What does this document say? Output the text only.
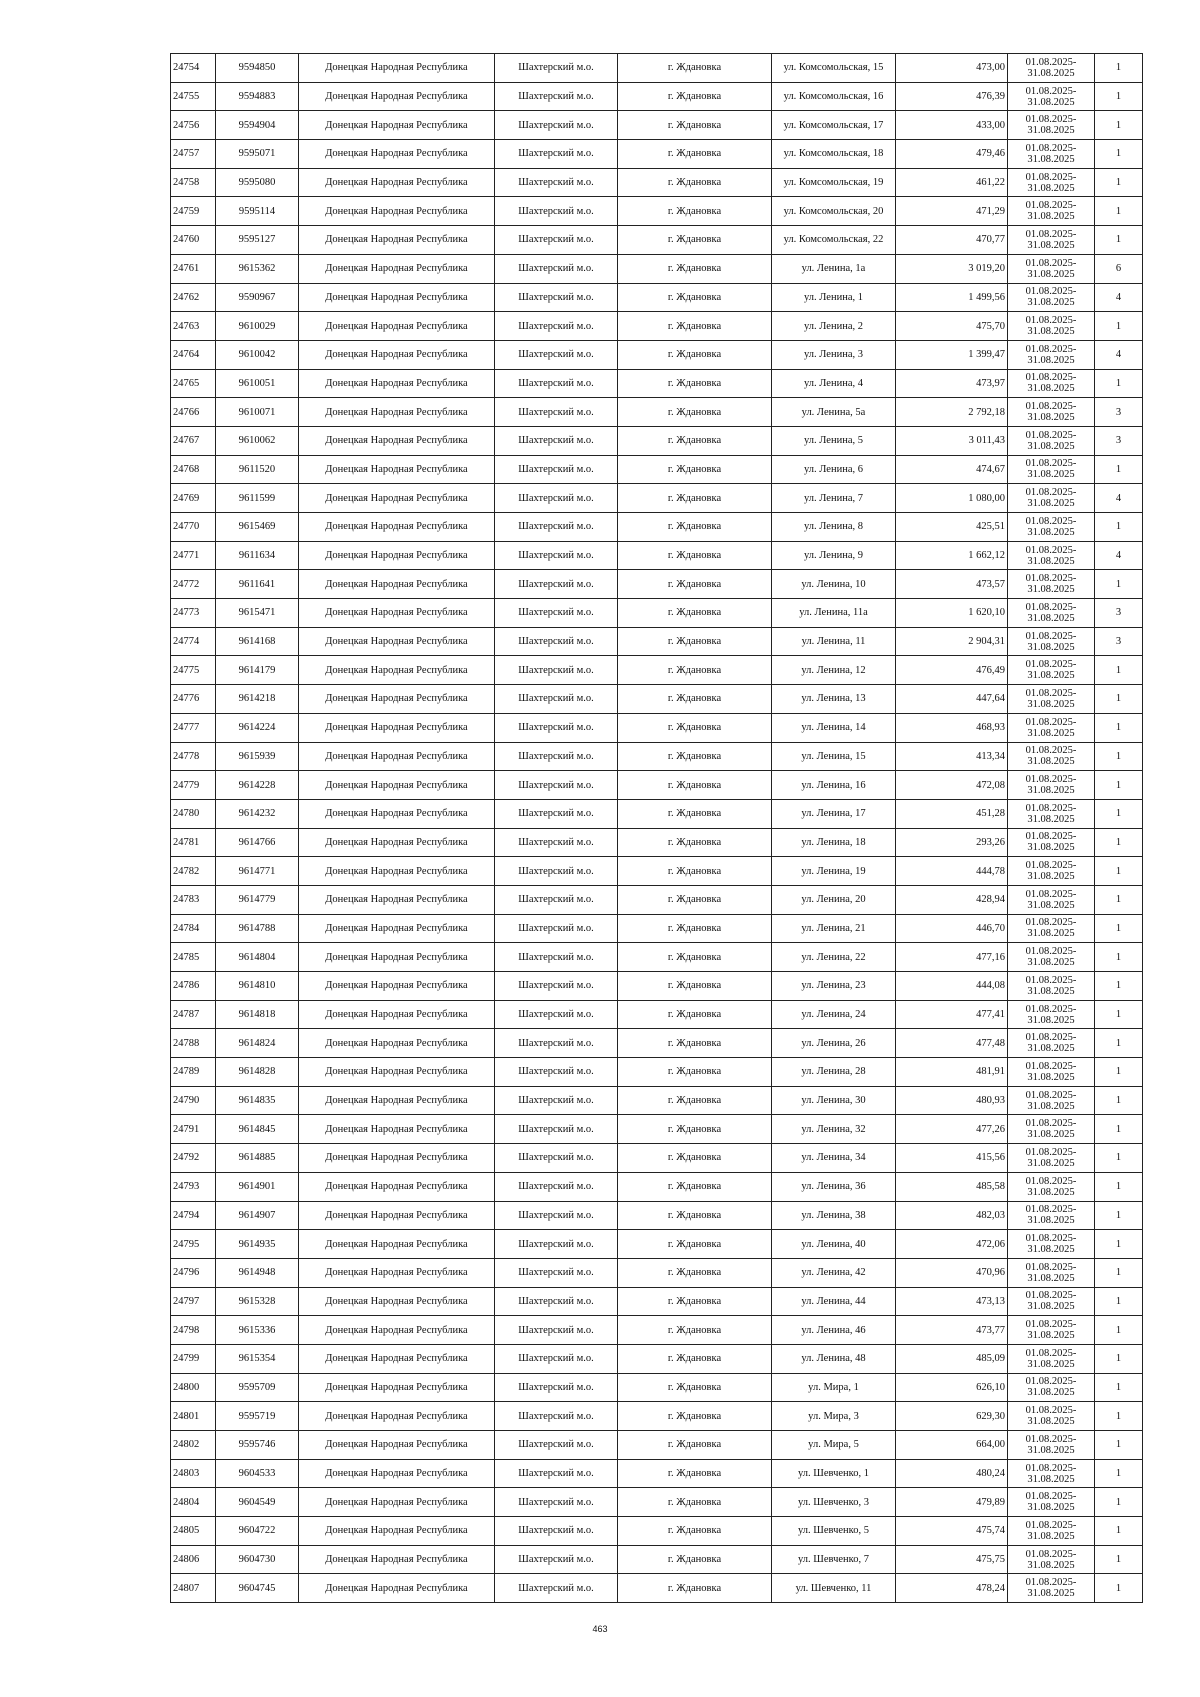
24754	9594850	Донецкая Народная Республика	Шахтерский м.о.	г. Ждановка	ул. Комсомольская, 15	473,00	01.08.2025-
31.08.2025	1
24755	9594883	Донецкая Народная Республика	Шахтерский м.о.	г. Ждановка	ул. Комсомольская, 16	476,39	01.08.2025-
31.08.2025	1
24756	9594904	Донецкая Народная Республика	Шахтерский м.о.	г. Ждановка	ул. Комсомольская, 17	433,00	01.08.2025-
31.08.2025	1
24757	9595071	Донецкая Народная Республика	Шахтерский м.о.	г. Ждановка	ул. Комсомольская, 18	479,46	01.08.2025-
31.08.2025	1
24758	9595080	Донецкая Народная Республика	Шахтерский м.о.	г. Ждановка	ул. Комсомольская, 19	461,22	01.08.2025-
31.08.2025	1
24759	9595114	Донецкая Народная Республика	Шахтерский м.о.	г. Ждановка	ул. Комсомольская, 20	471,29	01.08.2025-
31.08.2025	1
24760	9595127	Донецкая Народная Республика	Шахтерский м.о.	г. Ждановка	ул. Комсомольская, 22	470,77	01.08.2025-
31.08.2025	1
24761	9615362	Донецкая Народная Республика	Шахтерский м.о.	г. Ждановка	ул. Ленина, 1а	3 019,20	01.08.2025-
31.08.2025	6
24762	9590967	Донецкая Народная Республика	Шахтерский м.о.	г. Ждановка	ул. Ленина, 1	1 499,56	01.08.2025-
31.08.2025	4
24763	9610029	Донецкая Народная Республика	Шахтерский м.о.	г. Ждановка	ул. Ленина, 2	475,70	01.08.2025-
31.08.2025	1
24764	9610042	Донецкая Народная Республика	Шахтерский м.о.	г. Ждановка	ул. Ленина, 3	1 399,47	01.08.2025-
31.08.2025	4
24765	9610051	Донецкая Народная Республика	Шахтерский м.о.	г. Ждановка	ул. Ленина, 4	473,97	01.08.2025-
31.08.2025	1
24766	9610071	Донецкая Народная Республика	Шахтерский м.о.	г. Ждановка	ул. Ленина, 5а	2 792,18	01.08.2025-
31.08.2025	3
24767	9610062	Донецкая Народная Республика	Шахтерский м.о.	г. Ждановка	ул. Ленина, 5	3 011,43	01.08.2025-
31.08.2025	3
24768	9611520	Донецкая Народная Республика	Шахтерский м.о.	г. Ждановка	ул. Ленина, 6	474,67	01.08.2025-
31.08.2025	1
24769	9611599	Донецкая Народная Республика	Шахтерский м.о.	г. Ждановка	ул. Ленина, 7	1 080,00	01.08.2025-
31.08.2025	4
24770	9615469	Донецкая Народная Республика	Шахтерский м.о.	г. Ждановка	ул. Ленина, 8	425,51	01.08.2025-
31.08.2025	1
24771	9611634	Донецкая Народная Республика	Шахтерский м.о.	г. Ждановка	ул. Ленина, 9	1 662,12	01.08.2025-
31.08.2025	4
24772	9611641	Донецкая Народная Республика	Шахтерский м.о.	г. Ждановка	ул. Ленина, 10	473,57	01.08.2025-
31.08.2025	1
24773	9615471	Донецкая Народная Республика	Шахтерский м.о.	г. Ждановка	ул. Ленина, 11а	1 620,10	01.08.2025-
31.08.2025	3
24774	9614168	Донецкая Народная Республика	Шахтерский м.о.	г. Ждановка	ул. Ленина, 11	2 904,31	01.08.2025-
31.08.2025	3
24775	9614179	Донецкая Народная Республика	Шахтерский м.о.	г. Ждановка	ул. Ленина, 12	476,49	01.08.2025-
31.08.2025	1
24776	9614218	Донецкая Народная Республика	Шахтерский м.о.	г. Ждановка	ул. Ленина, 13	447,64	01.08.2025-
31.08.2025	1
24777	9614224	Донецкая Народная Республика	Шахтерский м.о.	г. Ждановка	ул. Ленина, 14	468,93	01.08.2025-
31.08.2025	1
24778	9615939	Донецкая Народная Республика	Шахтерский м.о.	г. Ждановка	ул. Ленина, 15	413,34	01.08.2025-
31.08.2025	1
24779	9614228	Донецкая Народная Республика	Шахтерский м.о.	г. Ждановка	ул. Ленина, 16	472,08	01.08.2025-
31.08.2025	1
24780	9614232	Донецкая Народная Республика	Шахтерский м.о.	г. Ждановка	ул. Ленина, 17	451,28	01.08.2025-
31.08.2025	1
24781	9614766	Донецкая Народная Республика	Шахтерский м.о.	г. Ждановка	ул. Ленина, 18	293,26	01.08.2025-
31.08.2025	1
24782	9614771	Донецкая Народная Республика	Шахтерский м.о.	г. Ждановка	ул. Ленина, 19	444,78	01.08.2025-
31.08.2025	1
24783	9614779	Донецкая Народная Республика	Шахтерский м.о.	г. Ждановка	ул. Ленина, 20	428,94	01.08.2025-
31.08.2025	1
24784	9614788	Донецкая Народная Республика	Шахтерский м.о.	г. Ждановка	ул. Ленина, 21	446,70	01.08.2025-
31.08.2025	1
24785	9614804	Донецкая Народная Республика	Шахтерский м.о.	г. Ждановка	ул. Ленина, 22	477,16	01.08.2025-
31.08.2025	1
24786	9614810	Донецкая Народная Республика	Шахтерский м.о.	г. Ждановка	ул. Ленина, 23	444,08	01.08.2025-
31.08.2025	1
24787	9614818	Донецкая Народная Республика	Шахтерский м.о.	г. Ждановка	ул. Ленина, 24	477,41	01.08.2025-
31.08.2025	1
24788	9614824	Донецкая Народная Республика	Шахтерский м.о.	г. Ждановка	ул. Ленина, 26	477,48	01.08.2025-
31.08.2025	1
24789	9614828	Донецкая Народная Республика	Шахтерский м.о.	г. Ждановка	ул. Ленина, 28	481,91	01.08.2025-
31.08.2025	1
24790	9614835	Донецкая Народная Республика	Шахтерский м.о.	г. Ждановка	ул. Ленина, 30	480,93	01.08.2025-
31.08.2025	1
24791	9614845	Донецкая Народная Республика	Шахтерский м.о.	г. Ждановка	ул. Ленина, 32	477,26	01.08.2025-
31.08.2025	1
24792	9614885	Донецкая Народная Республика	Шахтерский м.о.	г. Ждановка	ул. Ленина, 34	415,56	01.08.2025-
31.08.2025	1
24793	9614901	Донецкая Народная Республика	Шахтерский м.о.	г. Ждановка	ул. Ленина, 36	485,58	01.08.2025-
31.08.2025	1
24794	9614907	Донецкая Народная Республика	Шахтерский м.о.	г. Ждановка	ул. Ленина, 38	482,03	01.08.2025-
31.08.2025	1
24795	9614935	Донецкая Народная Республика	Шахтерский м.о.	г. Ждановка	ул. Ленина, 40	472,06	01.08.2025-
31.08.2025	1
24796	9614948	Донецкая Народная Республика	Шахтерский м.о.	г. Ждановка	ул. Ленина, 42	470,96	01.08.2025-
31.08.2025	1
24797	9615328	Донецкая Народная Республика	Шахтерский м.о.	г. Ждановка	ул. Ленина, 44	473,13	01.08.2025-
31.08.2025	1
24798	9615336	Донецкая Народная Республика	Шахтерский м.о.	г. Ждановка	ул. Ленина, 46	473,77	01.08.2025-
31.08.2025	1
24799	9615354	Донецкая Народная Республика	Шахтерский м.о.	г. Ждановка	ул. Ленина, 48	485,09	01.08.2025-
31.08.2025	1
24800	9595709	Донецкая Народная Республика	Шахтерский м.о.	г. Ждановка	ул. Мира, 1	626,10	01.08.2025-
31.08.2025	1
24801	9595719	Донецкая Народная Республика	Шахтерский м.о.	г. Ждановка	ул. Мира, 3	629,30	01.08.2025-
31.08.2025	1
24802	9595746	Донецкая Народная Республика	Шахтерский м.о.	г. Ждановка	ул. Мира, 5	664,00	01.08.2025-
31.08.2025	1
24803	9604533	Донецкая Народная Республика	Шахтерский м.о.	г. Ждановка	ул. Шевченко, 1	480,24	01.08.2025-
31.08.2025	1
24804	9604549	Донецкая Народная Республика	Шахтерский м.о.	г. Ждановка	ул. Шевченко, 3	479,89	01.08.2025-
31.08.2025	1
24805	9604722	Донецкая Народная Республика	Шахтерский м.о.	г. Ждановка	ул. Шевченко, 5	475,74	01.08.2025-
31.08.2025	1
24806	9604730	Донецкая Народная Республика	Шахтерский м.о.	г. Ждановка	ул. Шевченко, 7	475,75	01.08.2025-
31.08.2025	1
24807	9604745	Донецкая Народная Республика	Шахтерский м.о.	г. Ждановка	ул. Шевченко, 11	478,24	01.08.2025-
31.08.2025	1
463
